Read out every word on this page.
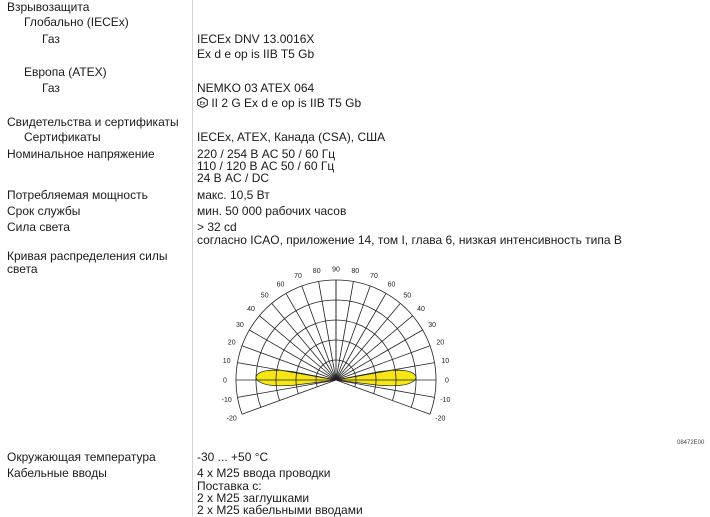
Взрывозащита
Глобально (IECEx)
Газ
Европа (ATEX)
Газ
Свидетельства и сертификаты
Сертификаты
Номинальное напряжение
Потребляемая мощность
Срок службы
Сила света
Кривая распределения силы
света
Окружающая температура
Кабельные вводы
IECEx DNV 13.0016X
Ex d e op is IIB T5 Gb
NEMKO 03 ATEX 064
Ex II 2 G Ex d e op is IIB T5 Gb
IECEx, ATEX, Канада (CSA), США
220 / 254 В AC 50 / 60 Гц
110 / 120 В AC 50 / 60 Гц
24 В AC / DC
макс. 10,5 Вт
мин. 50 000 рабочих часов
> 32 cd
согласно ICAO, приложение 14, том I, глава 6, низкая интенсивность типа B
-30 ... +50 °C
4 x M25 ввода проводки
Поставка с:
2 x M25 заглушками
2 x M25 кабельными вводами
-20
-10
0
10
20
30
40
50
60
70
80 90 80
70
60
50
40
30
20
10
0
-10
-20
08472E00
